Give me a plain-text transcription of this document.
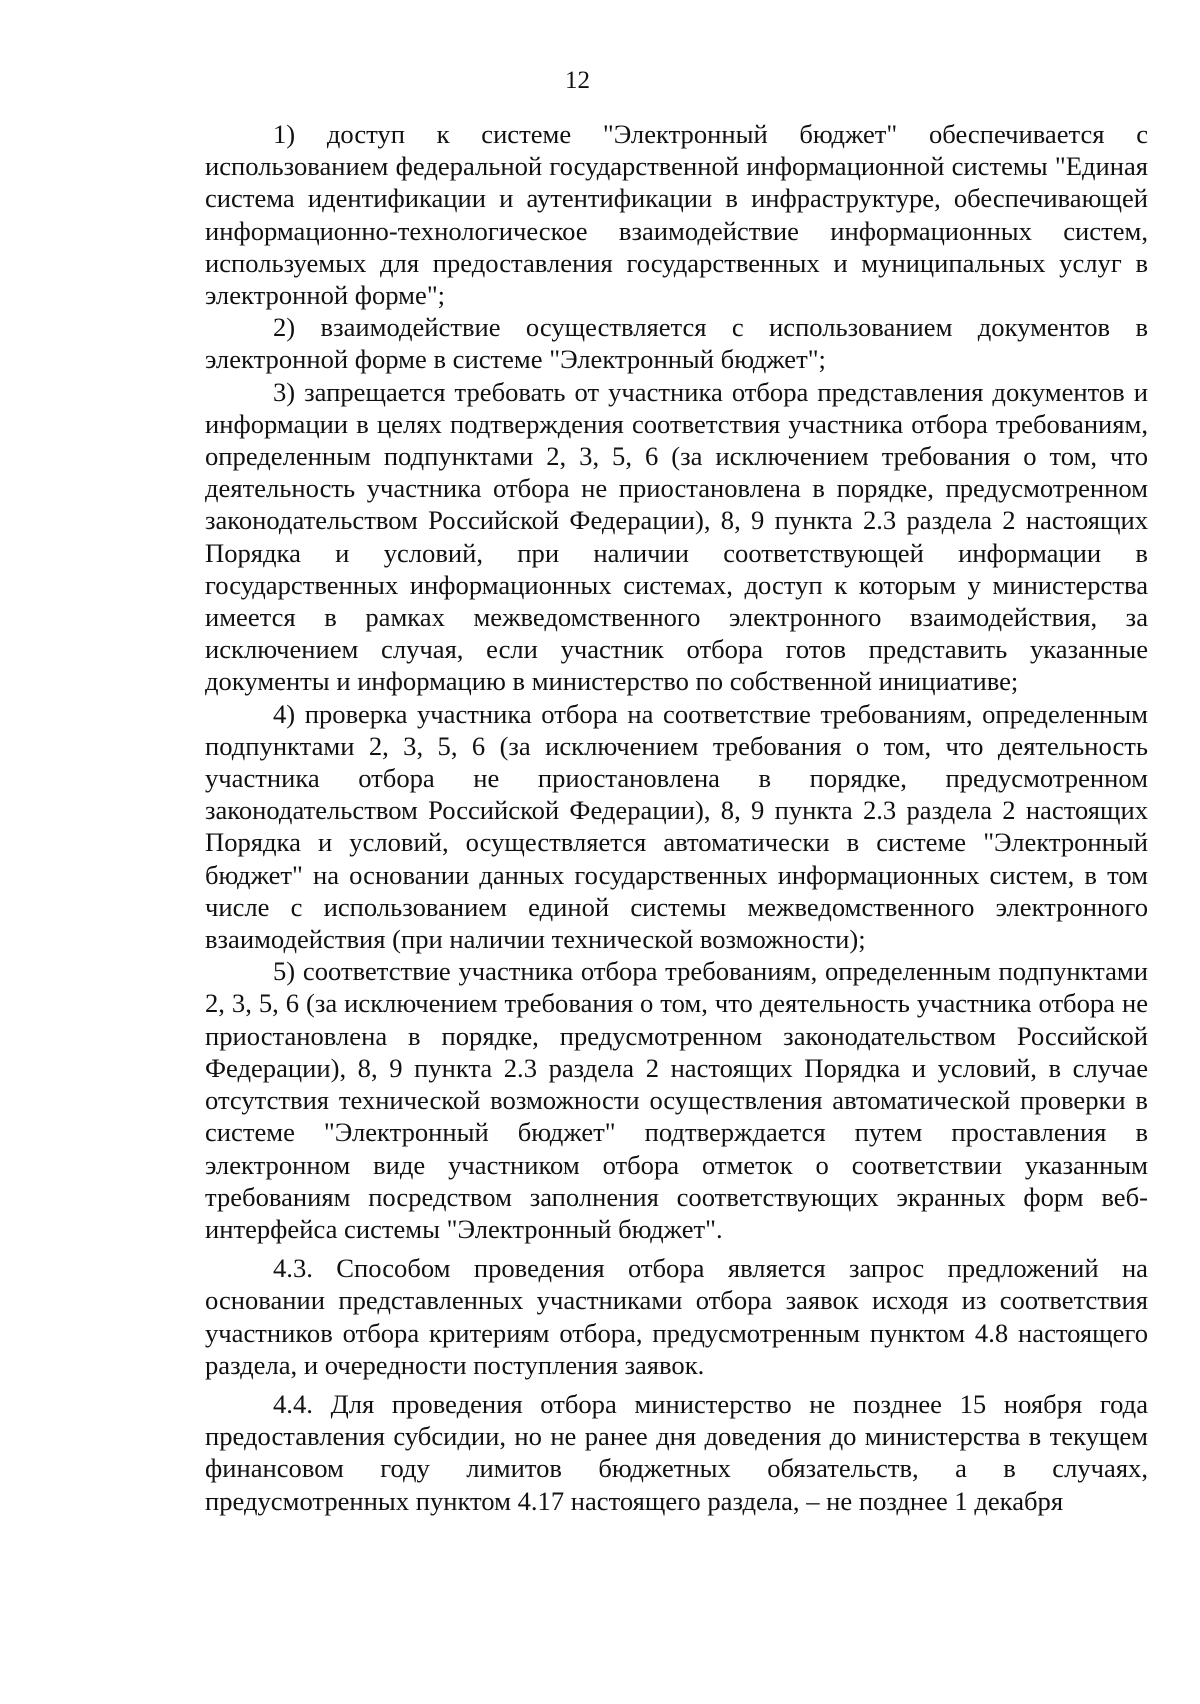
12

1) доступ к системе "Электронный бюджет" обеспечивается с использованием федеральной государственной информационной системы "Единая система идентификации и аутентификации в инфраструктуре, обеспечивающей информационно-технологическое взаимодействие информационных систем, используемых для предоставления государственных и муниципальных услуг в электронной форме";

2) взаимодействие осуществляется с использованием документов в электронной форме в системе "Электронный бюджет";

3) запрещается требовать от участника отбора представления документов и информации в целях подтверждения соответствия участника отбора требованиям, определенным подпунктами 2, 3, 5, 6 (за исключением требования о том, что деятельность участника отбора не приостановлена в порядке, предусмотренном законодательством Российской Федерации), 8, 9 пункта 2.3 раздела 2 настоящих Порядка и условий, при наличии соответствующей информации в государственных информационных системах, доступ к которым у министерства имеется в рамках межведомственного электронного взаимодействия, за исключением случая, если участник отбора готов представить указанные документы и информацию в министерство по собственной инициативе;

4) проверка участника отбора на соответствие требованиям, определенным подпунктами 2, 3, 5, 6 (за исключением требования о том, что деятельность участника отбора не приостановлена в порядке, предусмотренном законодательством Российской Федерации), 8, 9 пункта 2.3 раздела 2 настоящих Порядка и условий, осуществляется автоматически в системе "Электронный бюджет" на основании данных государственных информационных систем, в том числе с использованием единой системы межведомственного электронного взаимодействия (при наличии технической возможности);

5) соответствие участника отбора требованиям, определенным подпунктами 2, 3, 5, 6 (за исключением требования о том, что деятельность участника отбора не приостановлена в порядке, предусмотренном законодательством Российской Федерации), 8, 9 пункта 2.3 раздела 2 настоящих Порядка и условий, в случае отсутствия технической возможности осуществления автоматической проверки в системе "Электронный бюджет" подтверждается путем проставления в электронном виде участником отбора отметок о соответствии указанным требованиям посредством заполнения соответствующих экранных форм веб-интерфейса системы "Электронный бюджет".

4.3. Способом проведения отбора является запрос предложений на основании представленных участниками отбора заявок исходя из соответствия участников отбора критериям отбора, предусмотренным пунктом 4.8 настоящего раздела, и очередности поступления заявок.

4.4. Для проведения отбора министерство не позднее 15 ноября года предоставления субсидии, но не ранее дня доведения до министерства в текущем финансовом году лимитов бюджетных обязательств, а в случаях, предусмотренных пунктом 4.17 настоящего раздела, – не позднее 1 декабря
